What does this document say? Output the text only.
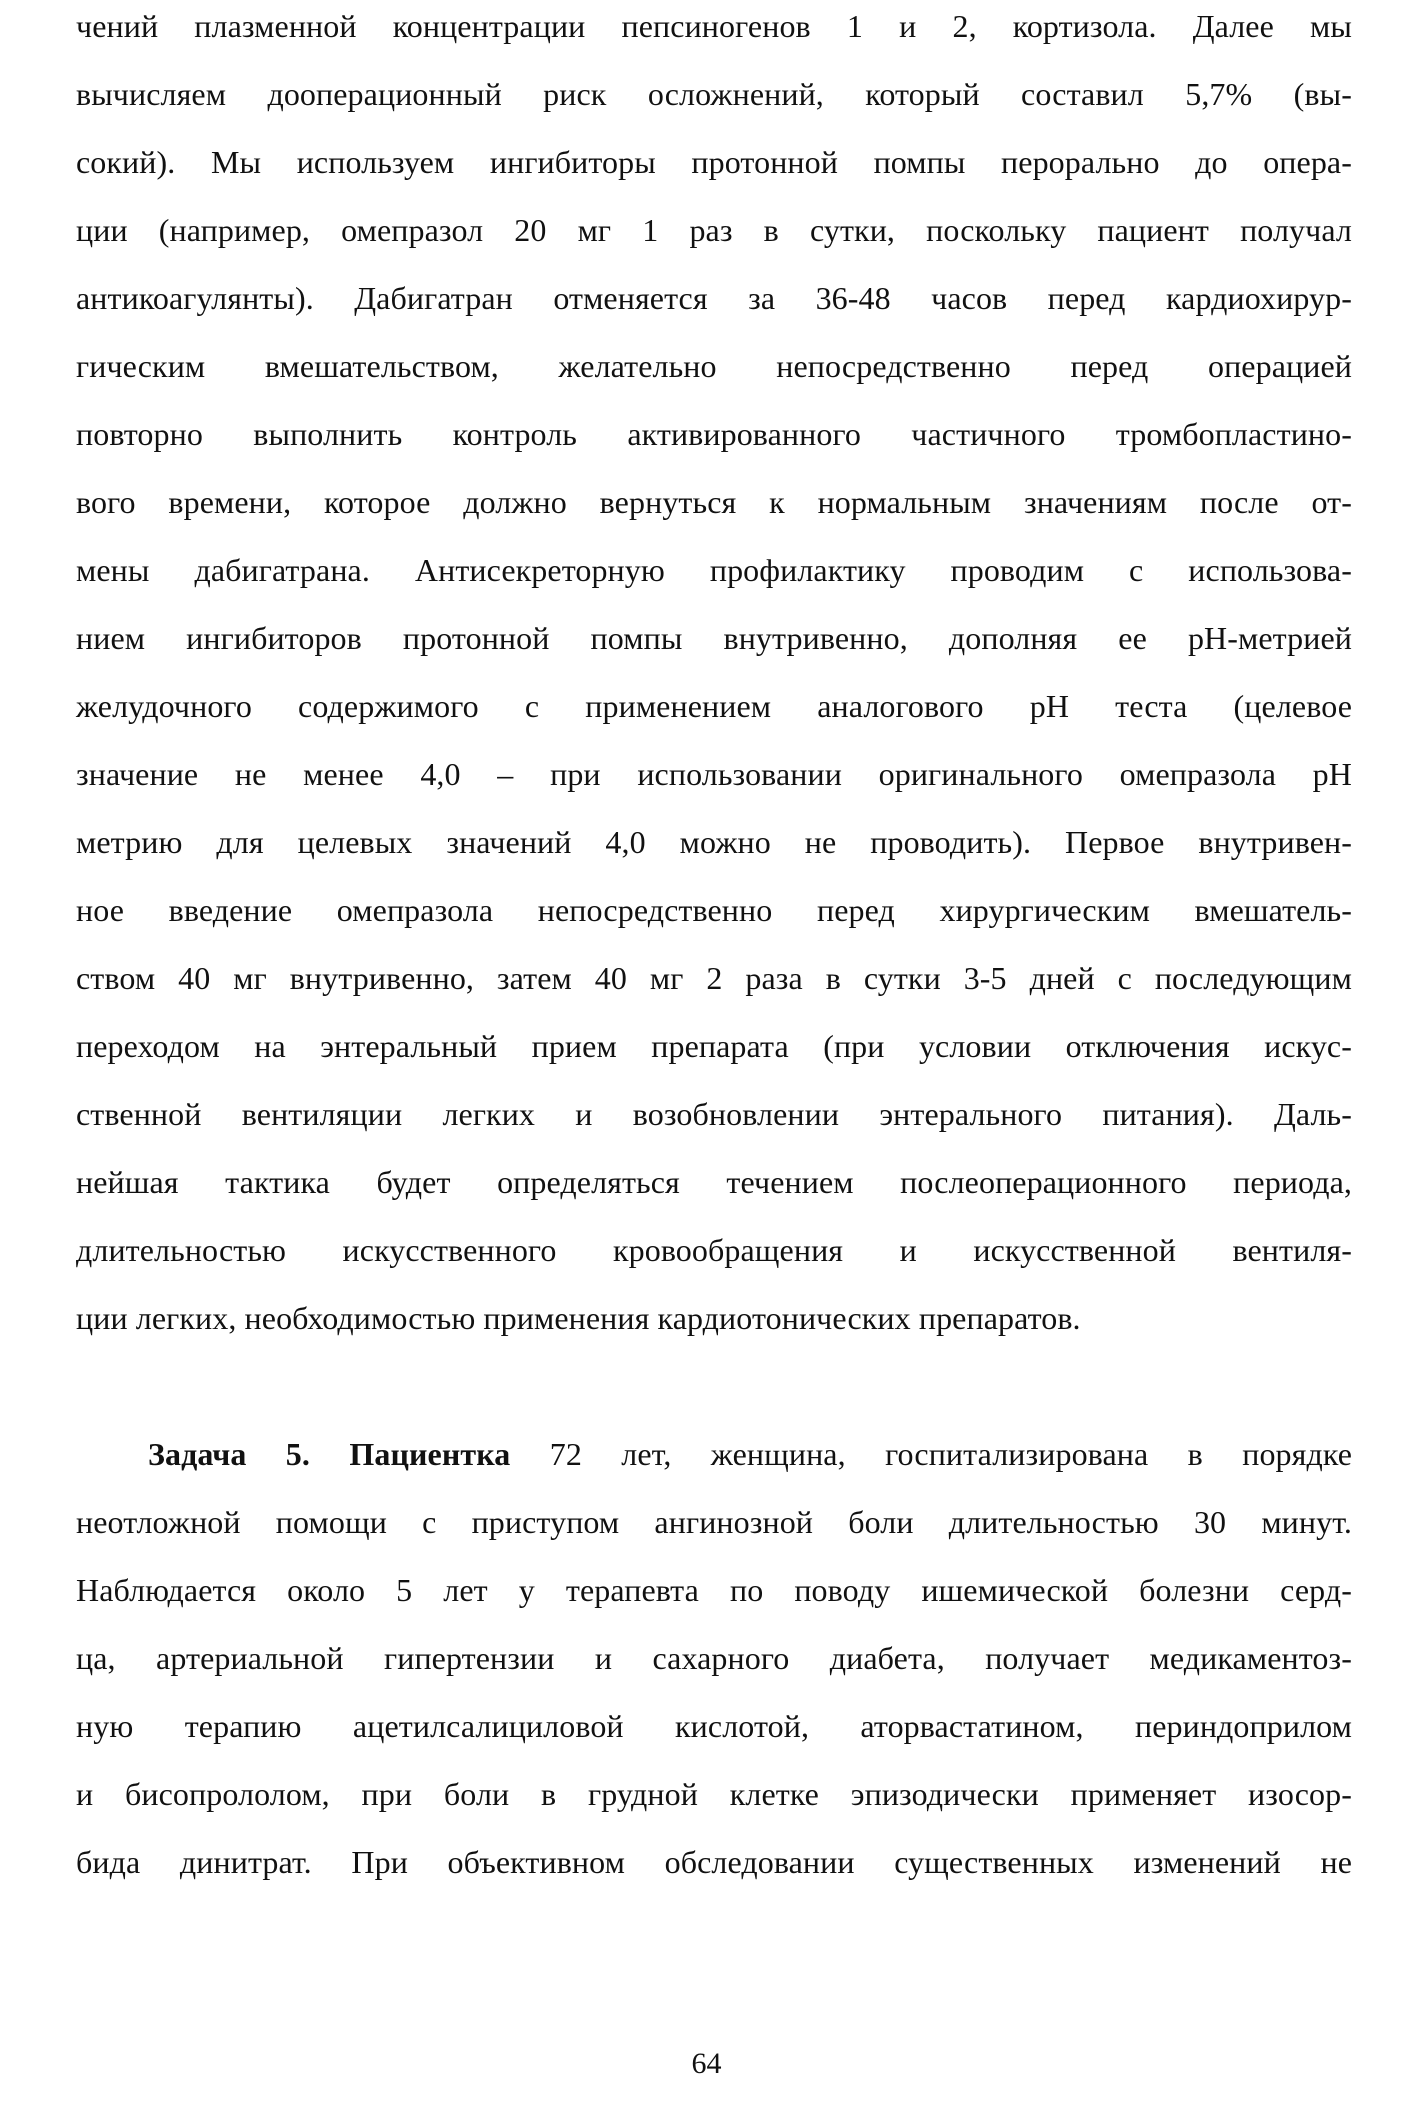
чений плазменной концентрации пепсиногенов 1 и 2, кортизола. Далее мы
вычисляем дооперационный риск осложнений, который составил 5,7% (вы-
сокий). Мы используем ингибиторы протонной помпы перорально до опера-
ции (например, омепразол 20 мг 1 раз в сутки, поскольку пациент получал
антикоагулянты). Дабигатран отменяется за 36-48 часов перед кардиохирур-
гическим вмешательством, желательно непосредственно перед операцией
повторно выполнить контроль активированного частичного тромбопластино-
вого времени, которое должно вернуться к нормальным значениям после от-
мены дабигатрана. Антисекреторную профилактику проводим с использова-
нием ингибиторов протонной помпы внутривенно, дополняя ее pH-метрией
желудочного содержимого с применением аналогового pH теста (целевое
значение не менее 4,0 – при использовании оригинального омепразола pH
метрию для целевых значений 4,0 можно не проводить). Первое внутривен-
ное введение омепразола непосредственно перед хирургическим вмешатель-
ством 40 мг внутривенно, затем 40 мг 2 раза в сутки 3-5 дней с последующим
переходом на энтеральный прием препарата (при условии отключения искус-
ственной вентиляции легких и возобновлении энтерального питания). Даль-
нейшая тактика будет определяться течением послеоперационного периода,
длительностью искусственного кровообращения и искусственной вентиля-
ции легких, необходимостью применения кардиотонических препаратов.
Задача 5. Пациентка 72 лет, женщина, госпитализирована в порядке
неотложной помощи с приступом ангинозной боли длительностью 30 минут.
Наблюдается около 5 лет у терапевта по поводу ишемической болезни серд-
ца, артериальной гипертензии и сахарного диабета, получает медикаментоз-
ную терапию ацетилсалициловой кислотой, аторвастатином, периндоприлом
и бисопрололом, при боли в грудной клетке эпизодически применяет изосор-
бида динитрат. При объективном обследовании существенных изменений не
64
